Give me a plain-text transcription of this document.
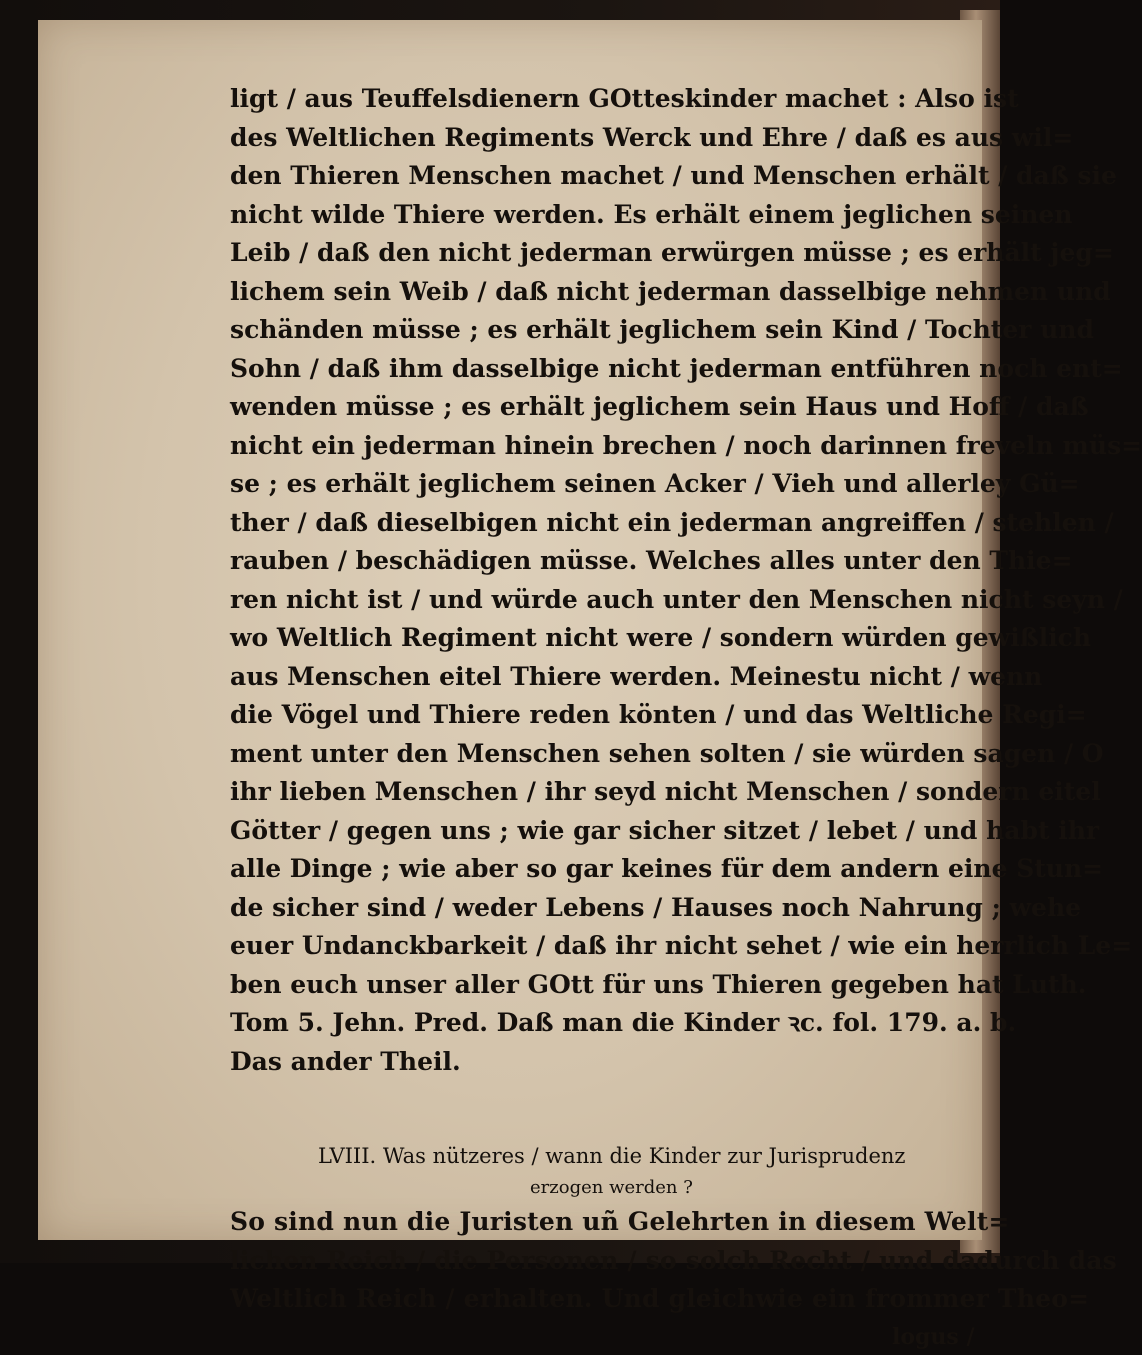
ligt / aus Teuffelsdienern GOtteskinder machet : Also ist
des Weltlichen Regiments Werck und Ehre / daß es aus wil=
den Thieren Menschen machet / und Menschen erhält / daß sie
nicht wilde Thiere werden. Es erhält einem jeglichen seinen
Leib / daß den nicht jederman erwürgen müsse ; es erhält jeg=
lichem sein Weib / daß nicht jederman dasselbige nehmen und
schänden müsse ; es erhält jeglichem sein Kind / Tochter und
Sohn / daß ihm dasselbige nicht jederman entführen noch ent=
wenden müsse ; es erhält jeglichem sein Haus und Hoff / daß
nicht ein jederman hinein brechen / noch darinnen freveln müs=
se ; es erhält jeglichem seinen Acker / Vieh und allerley Gü=
ther / daß dieselbigen nicht ein jederman angreiffen / stehlen /
rauben / beschädigen müsse. Welches alles unter den Thie=
ren nicht ist / und würde auch unter den Menschen nicht seyn /
wo Weltlich Regiment nicht were / sondern würden gewißlich
aus Menschen eitel Thiere werden. Meinestu nicht / wenn
die Vögel und Thiere reden könten / und das Weltliche Regi=
ment unter den Menschen sehen solten / sie würden sagen / O
ihr lieben Menschen / ihr seyd nicht Menschen / sondern eitel
Götter / gegen uns ; wie gar sicher sitzet / lebet / und habt ihr
alle Dinge ; wie aber so gar keines für dem andern eine Stun=
de sicher sind / weder Lebens / Hauses noch Nahrung ; wehe
euer Undanckbarkeit / daß ihr nicht sehet / wie ein herrlich Le=
ben euch unser aller GOtt für uns Thieren gegeben hat Luth.
Tom 5. Jehn. Pred. Daß man die Kinder ꝛc. fol. 179. a. b.
Das ander Theil.
LVIII. Was nützeres / wann die Kinder zur Jurisprudenz
erzogen werden ?
So sind nun die Juristen uñ Gelehrten in diesem Welt=
lichen Reich / die Personen / so solch Recht / und dadurch das
Weltlich Reich / erhalten. Und gleichwie ein frommer Theo=
logus /
